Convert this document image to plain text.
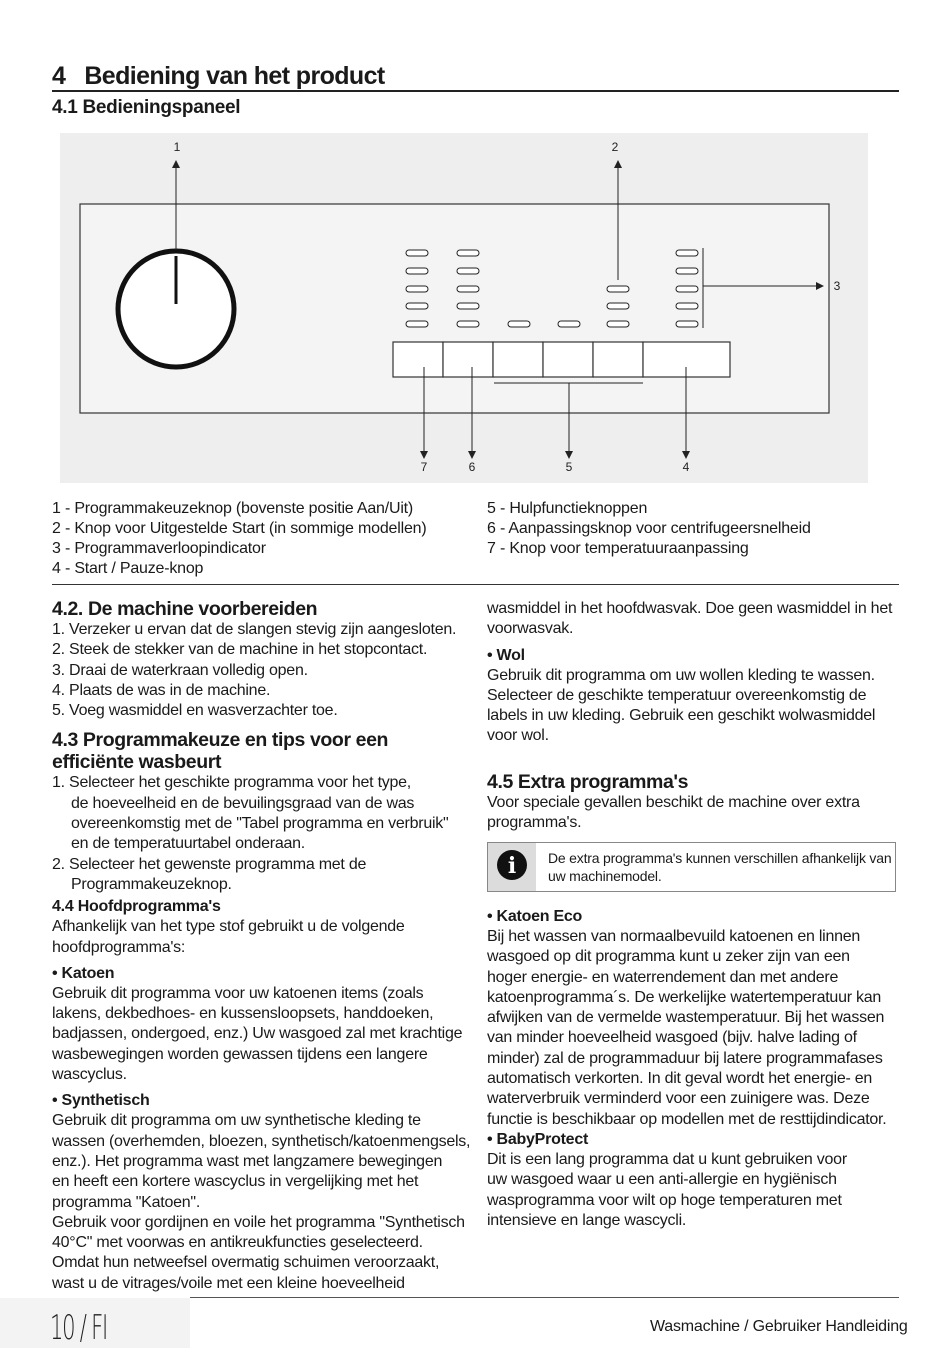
4   Bediening van het product
4.1 Bedieningspaneel
1	2
3
7	6	5	4
1 - Programmakeuzeknop (bovenste positie Aan/Uit)
2 - Knop voor Uitgestelde Start (in sommige modellen)
3 - Programmaverloopindicator
4 - Start / Pauze-knop
5 - Hulpfunctieknoppen
6 - Aanpassingsknop voor centrifugeersnelheid
7 - Knop voor temperatuuraanpassing

4.2. De machine voorbereiden

1. Verzeker u ervan dat de slangen stevig zijn aangesloten.

2. Steek de stekker van de machine in het stopcontact.

3. Draai de waterkraan volledig open.

4. Plaats de was in de machine.

5. Voeg wasmiddel en wasverzachter toe.

4.3 Programmakeuze en tips voor een

efficiënte wasbeurt

1. Selecteer het geschikte programma voor het type,

de hoeveelheid en de bevuilingsgraad van de was

overeenkomstig met de "Tabel programma en verbruik"

en de temperatuurtabel onderaan.

2. Selecteer het gewenste programma met de

Programmakeuzeknop.

4.4 Hoofdprogramma's

Afhankelijk van het type stof gebruikt u de volgende

hoofdprogramma's:

• Katoen

Gebruik dit programma voor uw katoenen items (zoals

lakens, dekbedhoes- en kussensloopsets, handdoeken,

badjassen, ondergoed, enz.) Uw wasgoed zal met krachtige

wasbewegingen worden gewassen tijdens een langere

wascyclus.

• Synthetisch

Gebruik dit programma om uw synthetische kleding te

wassen (overhemden, bloezen, synthetisch/katoenmengsels,

enz.). Het programma wast met langzamere bewegingen

en heeft een kortere wascyclus in vergelijking met het

programma "Katoen".

Gebruik voor gordijnen en voile het programma "Synthetisch

40°C" met voorwas en antikreukfuncties geselecteerd.

Omdat hun netweefsel overmatig schuimen veroorzaakt,

wast u de vitrages/voile met een kleine hoeveelheid

wasmiddel in het hoofdwasvak. Doe geen wasmiddel in het

voorwasvak.

• Wol

Gebruik dit programma om uw wollen kleding te wassen.

Selecteer de geschikte temperatuur overeenkomstig de

labels in uw kleding. Gebruik een geschikt wolwasmiddel

voor wol.

4.5 Extra programma's

Voor speciale gevallen beschikt de machine over extra

programma's.

i	De extra programma's kunnen verschillen afhankelijk van
uw machinemodel.

• Katoen Eco

Bij het wassen van normaalbevuild katoenen en linnen

wasgoed op dit programma kunt u zeker zijn van een

hoger energie- en waterrendement dan met andere

katoenprogramma´s. De werkelijke watertemperatuur kan

afwijken van de vermelde wastemperatuur. Bij het wassen

van minder hoeveelheid wasgoed (bijv. halve lading of

minder) zal de programmaduur bij latere programmafases

automatisch verkorten. In dit geval wordt het energie- en

waterverbruik verminderd voor een zuinigere was. Deze

functie is beschikbaar op modellen met de resttijdindicator.

• BabyProtect

Dit is een lang programma dat u kunt gebruiken voor

uw wasgoed waar u een anti-allergie en hygiënisch

wasprogramma voor wilt op hoge temperaturen met

intensieve en lange wascycli.

10 / FI	Wasmachine / Gebruiker Handleiding
